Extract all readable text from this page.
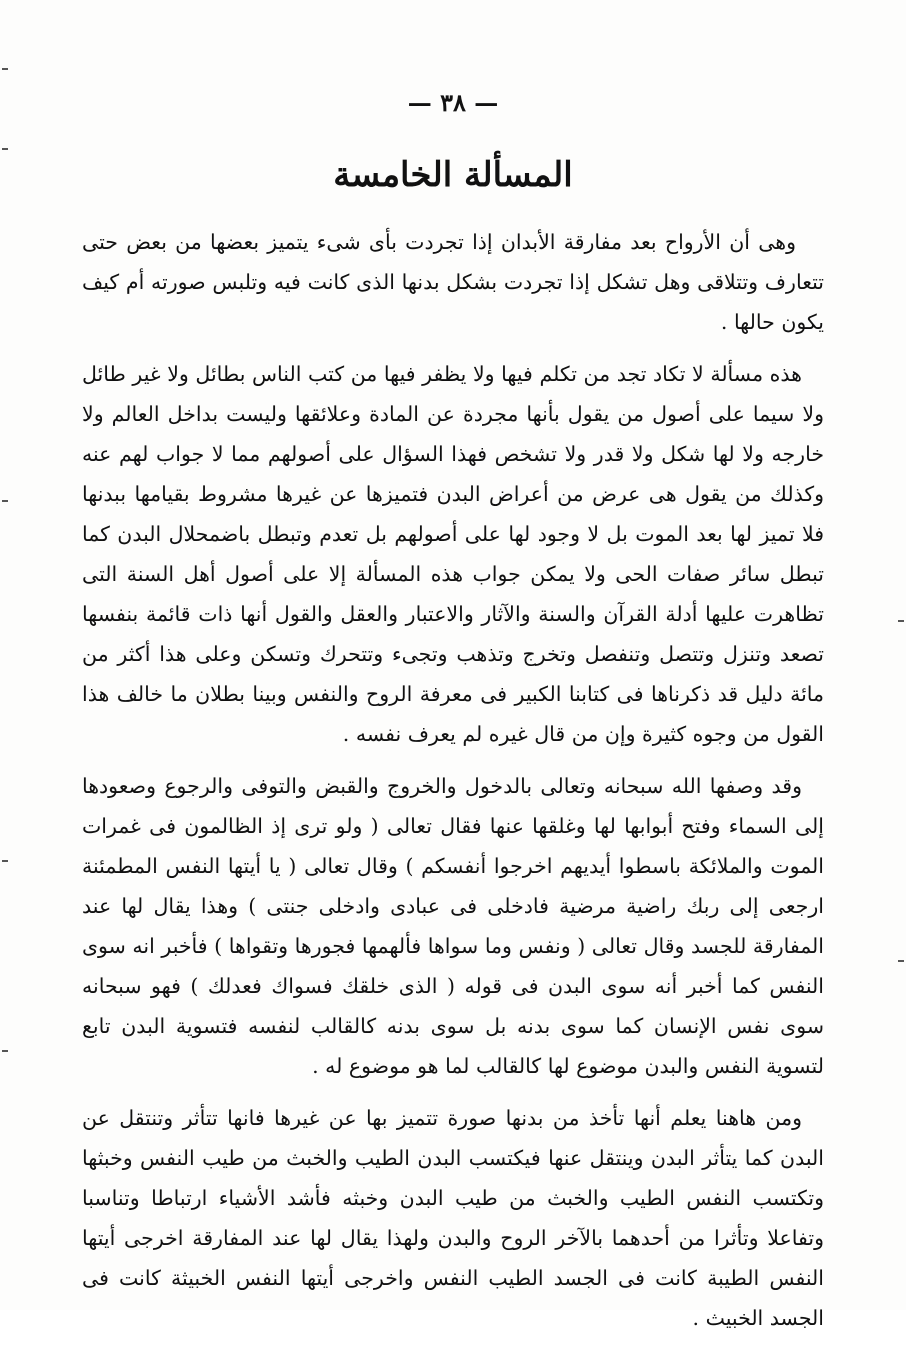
— ٣٨ —
المسألة الخامسة

وهى أن الأرواح بعد مفارقة الأبدان إذا تجردت بأى شىء يتميز بعضها من بعض حتى تتعارف وتتلاقى وهل تشكل إذا تجردت بشكل بدنها الذى كانت فيه وتلبس صورته أم كيف يكون حالها .

هذه مسألة لا تكاد تجد من تكلم فيها ولا يظفر فيها من كتب الناس بطائل ولا غير طائل ولا سيما على أصول من يقول بأنها مجردة عن المادة وعلائقها وليست بداخل العالم ولا خارجه ولا لها شكل ولا قدر ولا تشخص فهذا السؤال على أصولهم مما لا جواب لهم عنه وكذلك من يقول هى عرض من أعراض البدن فتميزها عن غيرها مشروط بقيامها ببدنها فلا تميز لها بعد الموت بل لا وجود لها على أصولهم بل تعدم وتبطل باضمحلال البدن كما تبطل سائر صفات الحى ولا يمكن جواب هذه المسألة إلا على أصول أهل السنة التى تظاهرت عليها أدلة القرآن والسنة والآثار والاعتبار والعقل والقول أنها ذات قائمة بنفسها تصعد وتنزل وتتصل وتنفصل وتخرج وتذهب وتجىء وتتحرك وتسكن وعلى هذا أكثر من مائة دليل قد ذكرناها فى كتابنا الكبير فى معرفة الروح والنفس وبينا بطلان ما خالف هذا القول من وجوه كثيرة وإن من قال غيره لم يعرف نفسه .

وقد وصفها الله سبحانه وتعالى بالدخول والخروج والقبض والتوفى والرجوع وصعودها إلى السماء وفتح أبوابها لها وغلقها عنها فقال تعالى ( ولو ترى إذ الظالمون فى غمرات الموت والملائكة باسطوا أيديهم اخرجوا أنفسكم ) وقال تعالى ( يا أيتها النفس المطمئنة ارجعى إلى ربك راضية مرضية فادخلى فى عبادى وادخلى جنتى ) وهذا يقال لها عند المفارقة للجسد وقال تعالى ( ونفس وما سواها فألهمها فجورها وتقواها ) فأخبر انه سوى النفس كما أخبر أنه سوى البدن فى قوله ( الذى خلقك فسواك فعدلك ) فهو سبحانه سوى نفس الإنسان كما سوى بدنه بل سوى بدنه كالقالب لنفسه فتسوية البدن تابع لتسوية النفس والبدن موضوع لها كالقالب لما هو موضوع له .

ومن هاهنا يعلم أنها تأخذ من بدنها صورة تتميز بها عن غيرها فانها تتأثر وتنتقل عن البدن كما يتأثر البدن وينتقل عنها فيكتسب البدن الطيب والخبث من طيب النفس وخبثها وتكتسب النفس الطيب والخبث من طيب البدن وخبثه فأشد الأشياء ارتباطا وتناسبا وتفاعلا وتأثرا من أحدهما بالآخر الروح والبدن ولهذا يقال لها عند المفارقة اخرجى أيتها النفس الطيبة كانت فى الجسد الطيب النفس واخرجى أيتها النفس الخبيثة كانت فى الجسد الخبيث .
